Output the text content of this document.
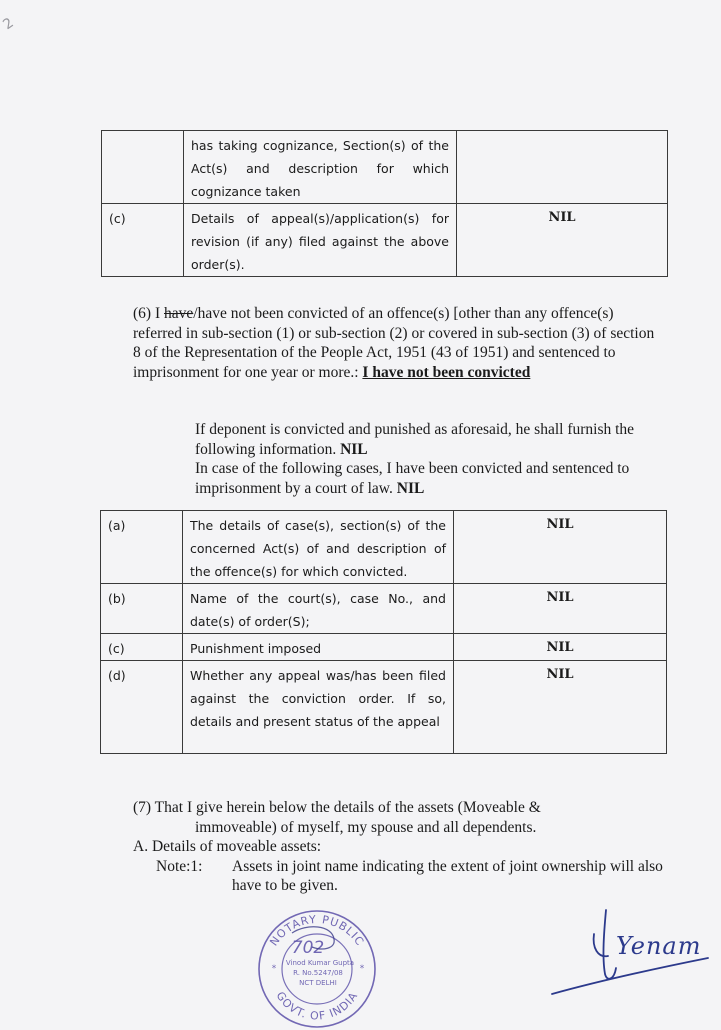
2
	has taking cognizance, Section(s) of the Act(s) and description for which cognizance taken	
(c)	Details of appeal(s)/application(s) for revision (if any) filed against the above order(s).	NIL
(6) I have/have not been convicted of an offence(s) [other than any offence(s) referred in sub-section (1) or sub-section (2) or covered in sub-section (3) of section 8 of the Representation of the People Act, 1951 (43 of 1951) and sentenced to imprisonment for one year or more.: I have not been convicted
If deponent is convicted and punished as aforesaid, he shall furnish the following information. NIL
In case of the following cases, I have been convicted and sentenced to imprisonment by a court of law. NIL
(a)	The details of case(s), section(s) of the concerned Act(s) of and description of the offence(s) for which convicted.	NIL
(b)	Name of the court(s), case No., and date(s) of order(S);	NIL
(c)	Punishment imposed	NIL
(d)	Whether any appeal was/has been filed against the conviction order. If so, details and present status of the appeal	NIL
(7) That I give herein below the details of the assets (Moveable &
immoveable) of myself, my spouse and all dependents.
A. Details of moveable assets:
Note:1:	Assets in joint name indicating the extent of joint ownership will also have to be given.
NOTARY PUBLIC
GOVT. OF INDIA
702
Vinod Kumar Gupta
R. No.5247/08
NCT DELHI
*	*
Yenam
